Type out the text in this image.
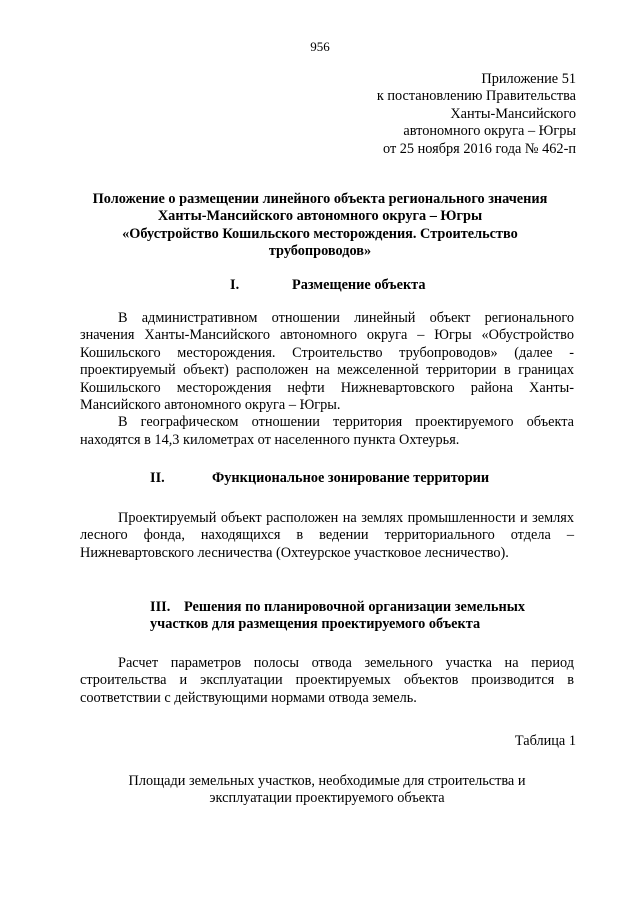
956
Приложение 51
к постановлению Правительства
Ханты-Мансийского
автономного округа – Югры
от 25 ноября 2016 года № 462-п
Положение о размещении линейного объекта регионального значения
Ханты-Мансийского автономного округа – Югры
«Обустройство Кошильского месторождения. Строительство
трубопроводов»
I.	Размещение объекта

В административном отношении линейный объект регионального значения Ханты-Мансийского автономного округа – Югры «Обустройство Кошильского месторождения. Строительство трубопроводов» (далее - проектируемый объект) расположен на межселенной территории в границах Кошильского месторождения нефти Нижневартовского района Ханты-Мансийского автономного округа – Югры.

В географическом отношении территория проектируемого объекта находятся в 14,3 километрах от населенного пункта Охтеурья.

II.	Функциональное зонирование территории

Проектируемый объект расположен на землях промышленности и землях лесного фонда, находящихся в ведении территориального отдела – Нижневартовского лесничества (Охтеурское участковое лесничество).

III. Решения по планировочной организации земельных
участков для размещения проектируемого объекта

Расчет параметров полосы отвода земельного участка на период строительства и эксплуатации проектируемых объектов производится в соответствии с действующими нормами отвода земель.

Таблица 1
Площади земельных участков, необходимые для строительства и
эксплуатации проектируемого объекта
